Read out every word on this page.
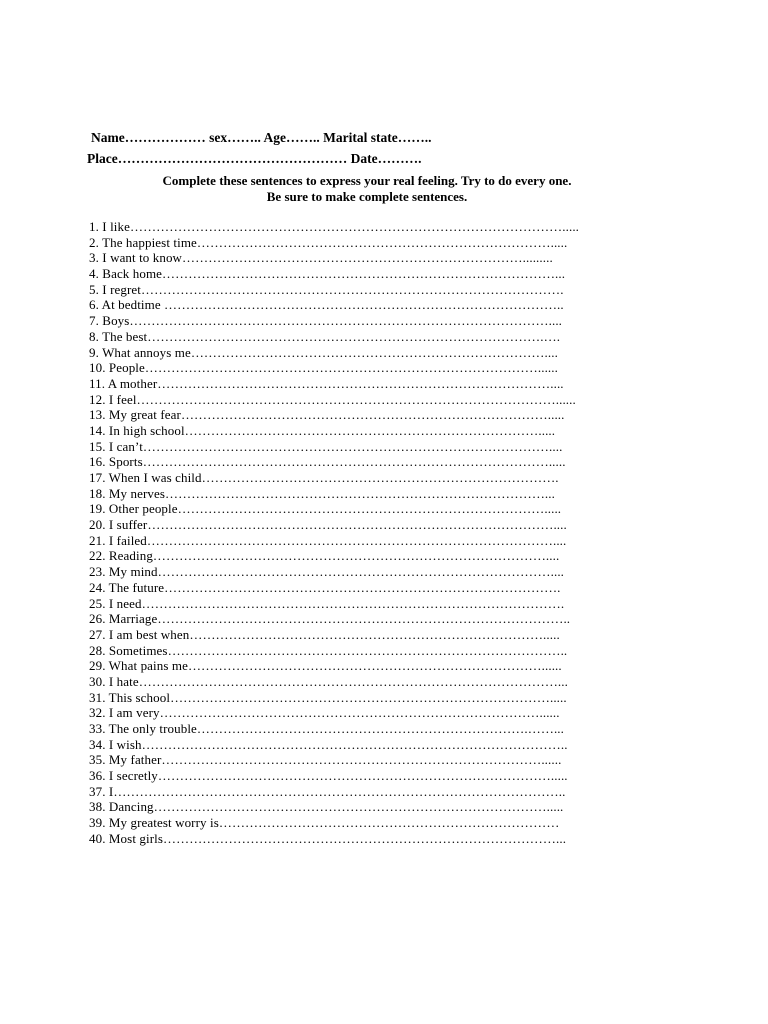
Name……………… sex…….. Age…….. Marital state……..
Place…………………………………………… Date……….
Complete these sentences to express your real feeling. Try to do every one.
Be sure to make complete sentences.
1. I like……………………………………………………………………………………….....
2. The happiest time……………………………………………………………………….....
3. I want to know…………………………………………………………………….........
4. Back home………………………………………………………………………………...
5. I regret…………………………………………………………………………………….
6. At bedtime ………………………………………………………………………………..
7. Boys……………………………………………………………………………………....
8. The best……………………………………………………………………………….….
9. What annoys me………………………………………………………………………....
10. People………………………………………………………………………………......
11. A mother………………………………………………………………………………....
12. I feel……………………………………………………………………………………......
13. My great fear………………………………………………………………………….....
14. In high school……………………………………………………………………….....
15. I can’t…………………………………………………………………………………....
16. Sports………………………………………………………………………………….....
17. When I was child……………………………………………………………………….
18. My nerves……………………………………………………………………………...
19. Other people………………………………………………………………………….....
20. I suffer…………………………………………………………………………………....
21. I failed…………………………………………………………………………………....
22. Reading………………………………………………………………………………....
23. My mind………………………………………………………………………………....
24. The future……………………………………………………………………………….
25. I need…………………………………………………………………………………….
26. Marriage…………………………………………………………………………………..
27. I am best when……………………………………………………………………….....
28. Sometimes………………………………………………………………………………..
29. What pains me………………………………………………………………………......
30. I hate……………………………………………………………………………………...
31. This school…………………………………………………………………………….....
32. I am very……………………………………………………………………………......
33. The only trouble………………………………………………………………….……...
34. I wish……………………………………………………………………………………..
35. My father……………………………………………………………………………......
36. I secretly……………………………………………………………………………….....
37. I…………………………………………………………………………………………..
38. Dancing……………………………………………………………………………….....
39. My greatest worry is……………………………………………………………………
40. Most girls………………………………………………………………………………...
